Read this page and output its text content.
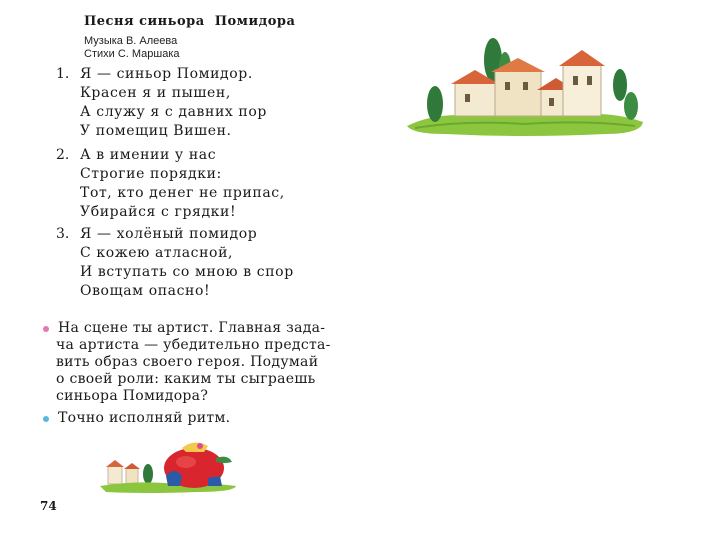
Песня синьора Помидора
Музыка В. Алеева
Стихи С. Маршака
1. Я — синьор Помидор.
Красен я и пышен,
А служу я с давних пор
У помещиц Вишен.
2. А в имении у нас
Строгие порядки:
Тот, кто денег не припас,
Убирайся с грядки!
3. Я — холёный помидор
С кожею атласной,
И вступать со мною в спор
Овощам опасно!
На сцене ты артист. Главная зада-
ча артиста — убедительно предста-
вить образ своего героя. Подумай
о своей роли: каким ты сыграешь
синьора Помидора?
Точно исполняй ритм.
74
